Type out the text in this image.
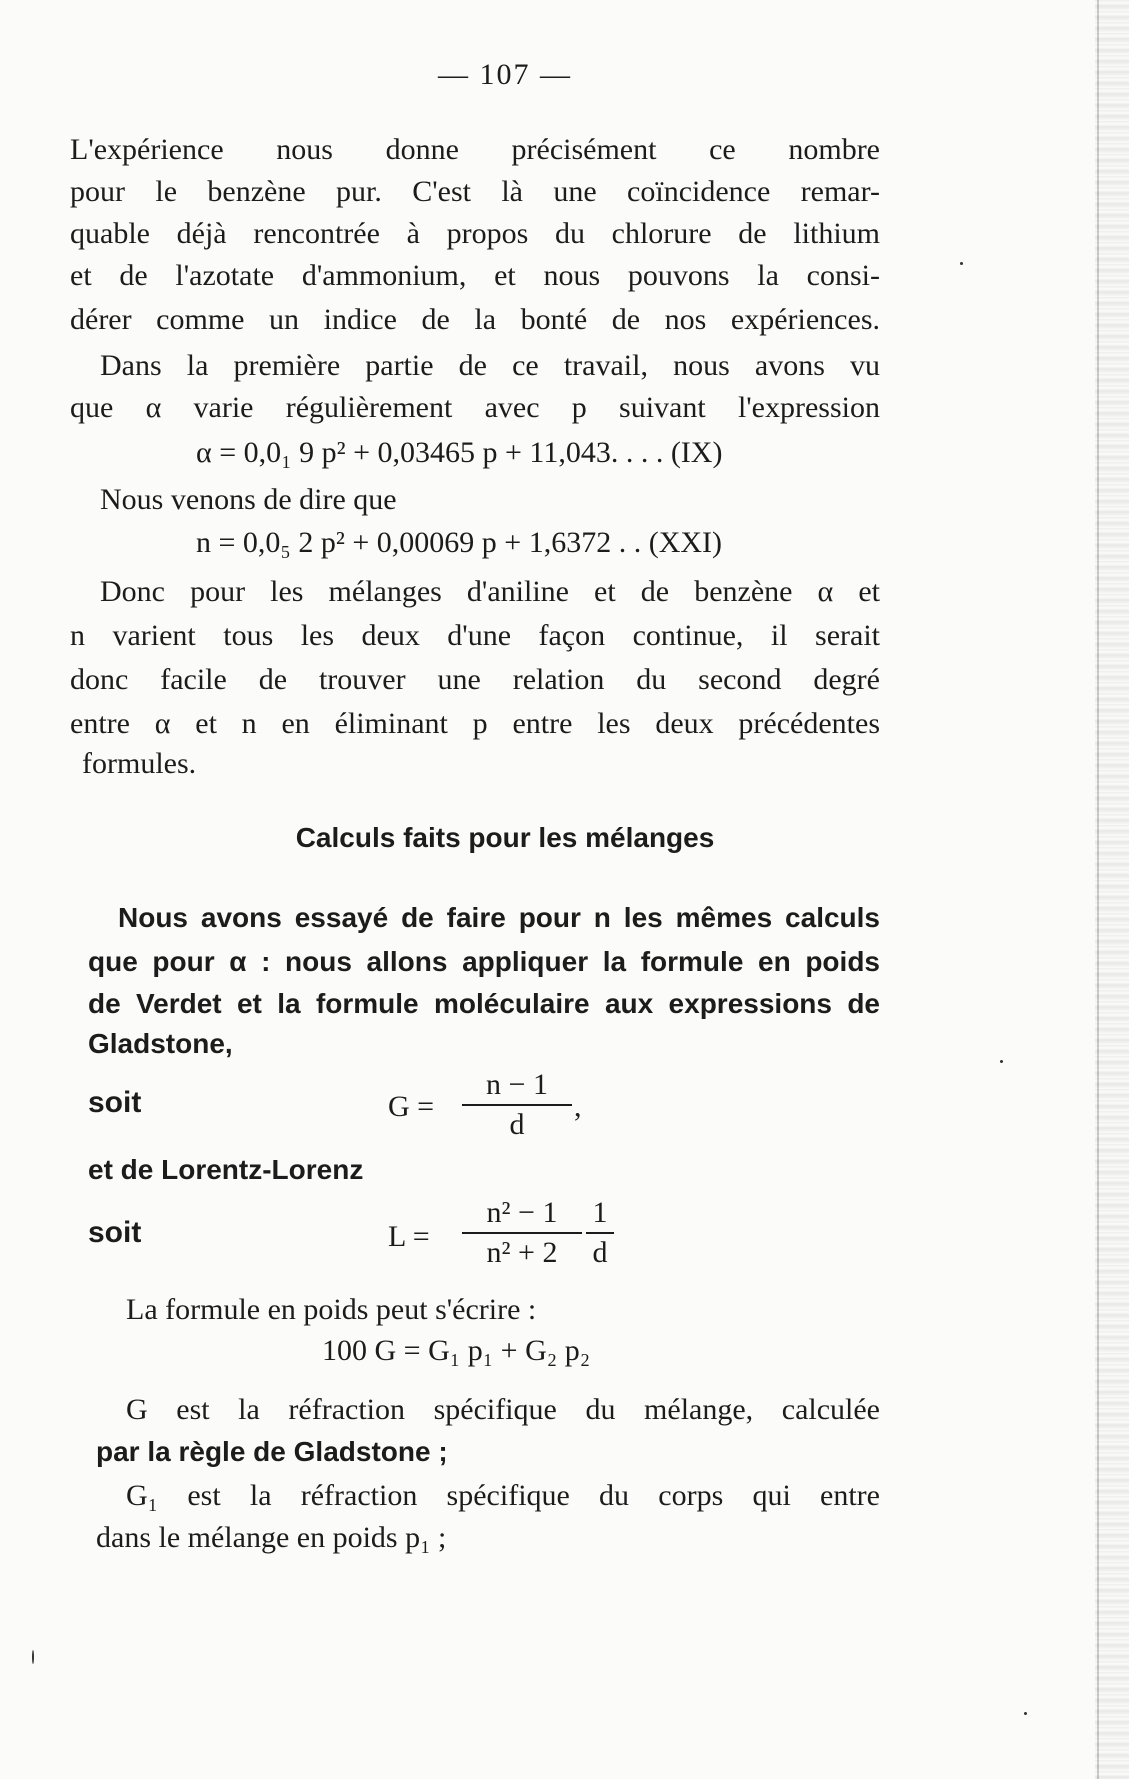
— 107 —
L'expérience nous donne précisément ce nombre
pour le benzène pur. C'est là une coïncidence remar-
quable déjà rencontrée à propos du chlorure de lithium
et de l'azotate d'ammonium, et nous pouvons la consi-
dérer comme un indice de la bonté de nos expériences.
Dans la première partie de ce travail, nous avons vu
que α varie régulièrement avec p suivant l'expression
α = 0,0₁ 9 p² + 0,03465 p + 11,043. . . . (IX)
Nous venons de dire que
n = 0,0₅ 2 p² + 0,00069 p + 1,6372 . . (XXI)
Donc pour les mélanges d'aniline et de benzène α et
n varient tous les deux d'une façon continue, il serait
donc facile de trouver une relation du second degré
entre α et n en éliminant p entre les deux précédentes
formules.
Calculs faits pour les mélanges
Nous avons essayé de faire pour n les mêmes calculs
que pour α : nous allons appliquer la formule en poids
de Verdet et la formule moléculaire aux expressions de
Gladstone,
soit	G =
n − 1
d
,
et de Lorentz-Lorenz
soit	L =
n² − 1
n² + 2
1
d
La formule en poids peut s'écrire :
100 G = G₁ p₁ + G₂ p₂
G est la réfraction spécifique du mélange, calculée
par la règle de Gladstone ;
G₁ est la réfraction spécifique du corps qui entre
dans le mélange en poids p₁ ;
